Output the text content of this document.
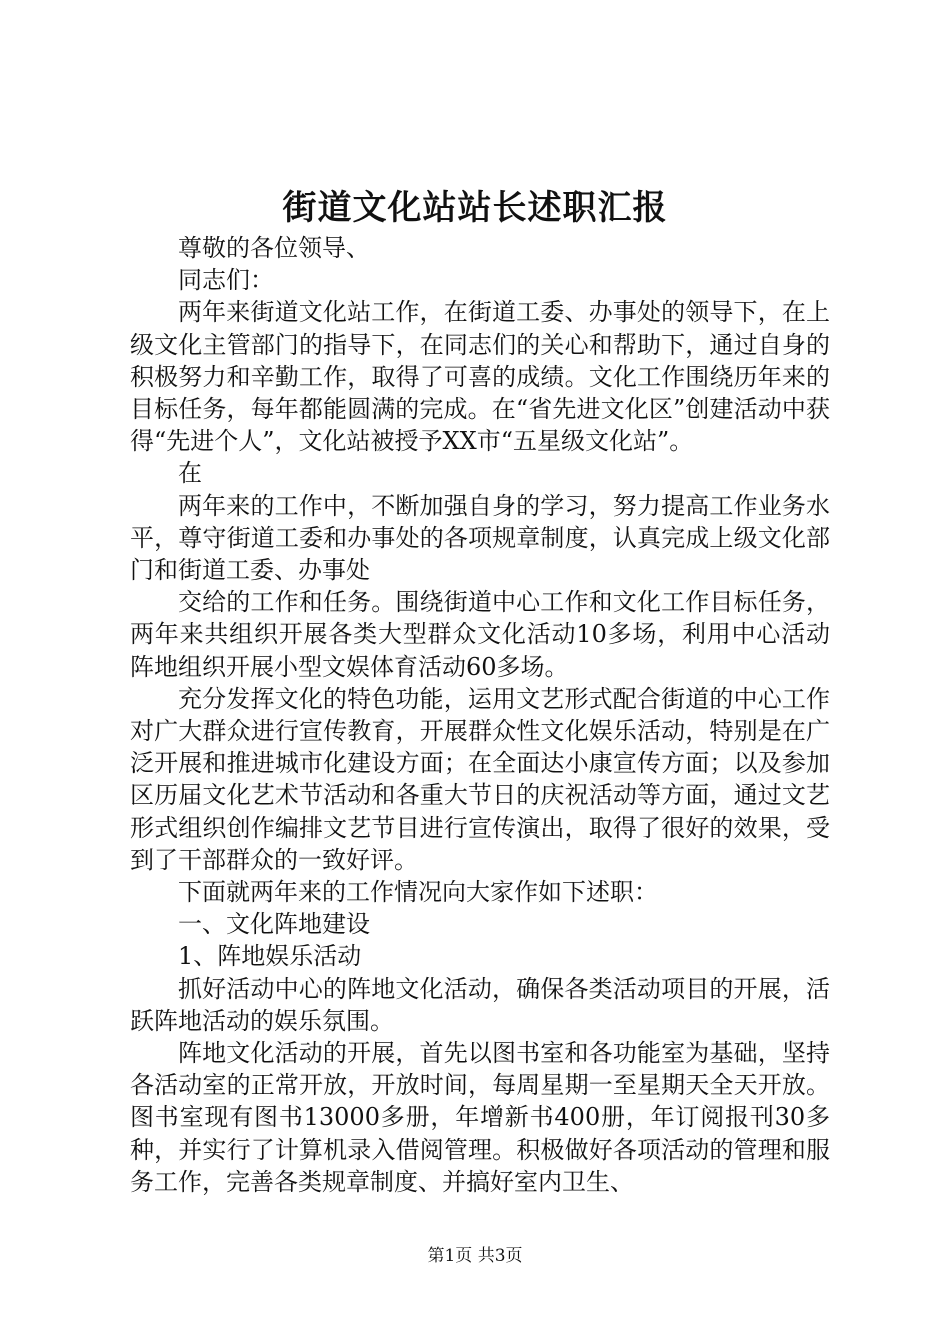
街道文化站站长述职汇报

尊敬的各位领导、

同志们：

两年来街道文化站工作，在街道工委、办事处的领导下，在上级文化主管部门的指导下，在同志们的关心和帮助下，通过自身的积极努力和辛勤工作，取得了可喜的成绩。文化工作围绕历年来的目标任务，每年都能圆满的完成。在“省先进文化区”创建活动中获得“先进个人”，文化站被授予XX市“五星级文化站”。

在

两年来的工作中，不断加强自身的学习，努力提高工作业务水平，尊守街道工委和办事处的各项规章制度，认真完成上级文化部门和街道工委、办事处

交给的工作和任务。围绕街道中心工作和文化工作目标任务，两年来共组织开展各类大型群众文化活动10多场，利用中心活动阵地组织开展小型文娱体育活动60多场。

充分发挥文化的特色功能，运用文艺形式配合街道的中心工作对广大群众进行宣传教育，开展群众性文化娱乐活动，特别是在广泛开展和推进城市化建设方面；在全面达小康宣传方面；以及参加区历届文化艺术节活动和各重大节日的庆祝活动等方面，通过文艺形式组织创作编排文艺节目进行宣传演出，取得了很好的效果，受到了干部群众的一致好评。

下面就两年来的工作情况向大家作如下述职：

一、文化阵地建设

1、阵地娱乐活动

抓好活动中心的阵地文化活动，确保各类活动项目的开展，活跃阵地活动的娱乐氛围。

阵地文化活动的开展，首先以图书室和各功能室为基础，坚持各活动室的正常开放，开放时间，每周星期一至星期天全天开放。图书室现有图书13000多册，年增新书400册，年订阅报刊30多种，并实行了计算机录入借阅管理。积极做好各项活动的管理和服务工作，完善各类规章制度、并搞好室内卫生、

第1页 共3页
